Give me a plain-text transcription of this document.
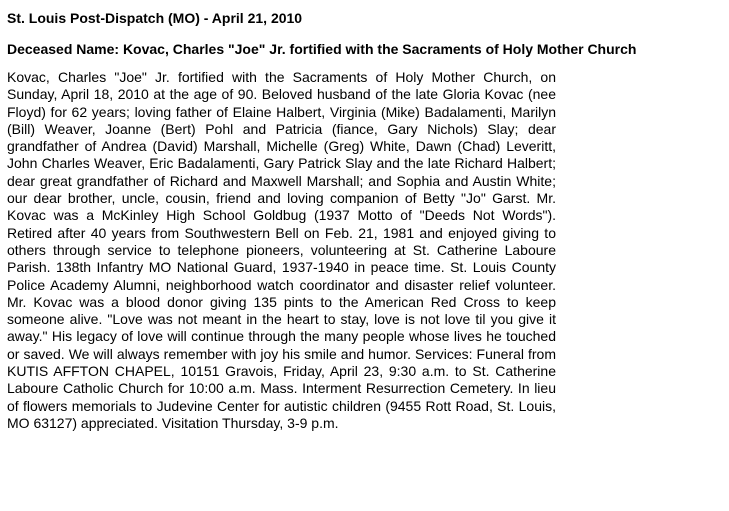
St. Louis Post-Dispatch (MO) - April 21, 2010
Deceased Name: Kovac, Charles "Joe" Jr. fortified with the Sacraments of Holy Mother Church
Kovac, Charles "Joe" Jr. fortified with the Sacraments of Holy Mother Church, on Sunday, April 18, 2010 at the age of 90. Beloved husband of the late Gloria Kovac (nee Floyd) for 62 years; loving father of Elaine Halbert, Virginia (Mike) Badalamenti, Marilyn (Bill) Weaver, Joanne (Bert) Pohl and Patricia (fiance, Gary Nichols) Slay; dear grandfather of Andrea (David) Marshall, Michelle (Greg) White, Dawn (Chad) Leveritt, John Charles Weaver, Eric Badalamenti, Gary Patrick Slay and the late Richard Halbert; dear great grandfather of Richard and Maxwell Marshall; and Sophia and Austin White; our dear brother, uncle, cousin, friend and loving companion of Betty "Jo" Garst. Mr. Kovac was a McKinley High School Goldbug (1937 Motto of "Deeds Not Words"). Retired after 40 years from Southwestern Bell on Feb. 21, 1981 and enjoyed giving to others through service to telephone pioneers, volunteering at St. Catherine Laboure Parish. 138th Infantry MO National Guard, 1937-1940 in peace time. St. Louis County Police Academy Alumni, neighborhood watch coordinator and disaster relief volunteer. Mr. Kovac was a blood donor giving 135 pints to the American Red Cross to keep someone alive. "Love was not meant in the heart to stay, love is not love til you give it away." His legacy of love will continue through the many people whose lives he touched or saved. We will always remember with joy his smile and humor. Services: Funeral from KUTIS AFFTON CHAPEL, 10151 Gravois, Friday, April 23, 9:30 a.m. to St. Catherine Laboure Catholic Church for 10:00 a.m. Mass. Interment Resurrection Cemetery. In lieu of flowers memorials to Judevine Center for autistic children (9455 Rott Road, St. Louis, MO 63127) appreciated. Visitation Thursday, 3-9 p.m.
